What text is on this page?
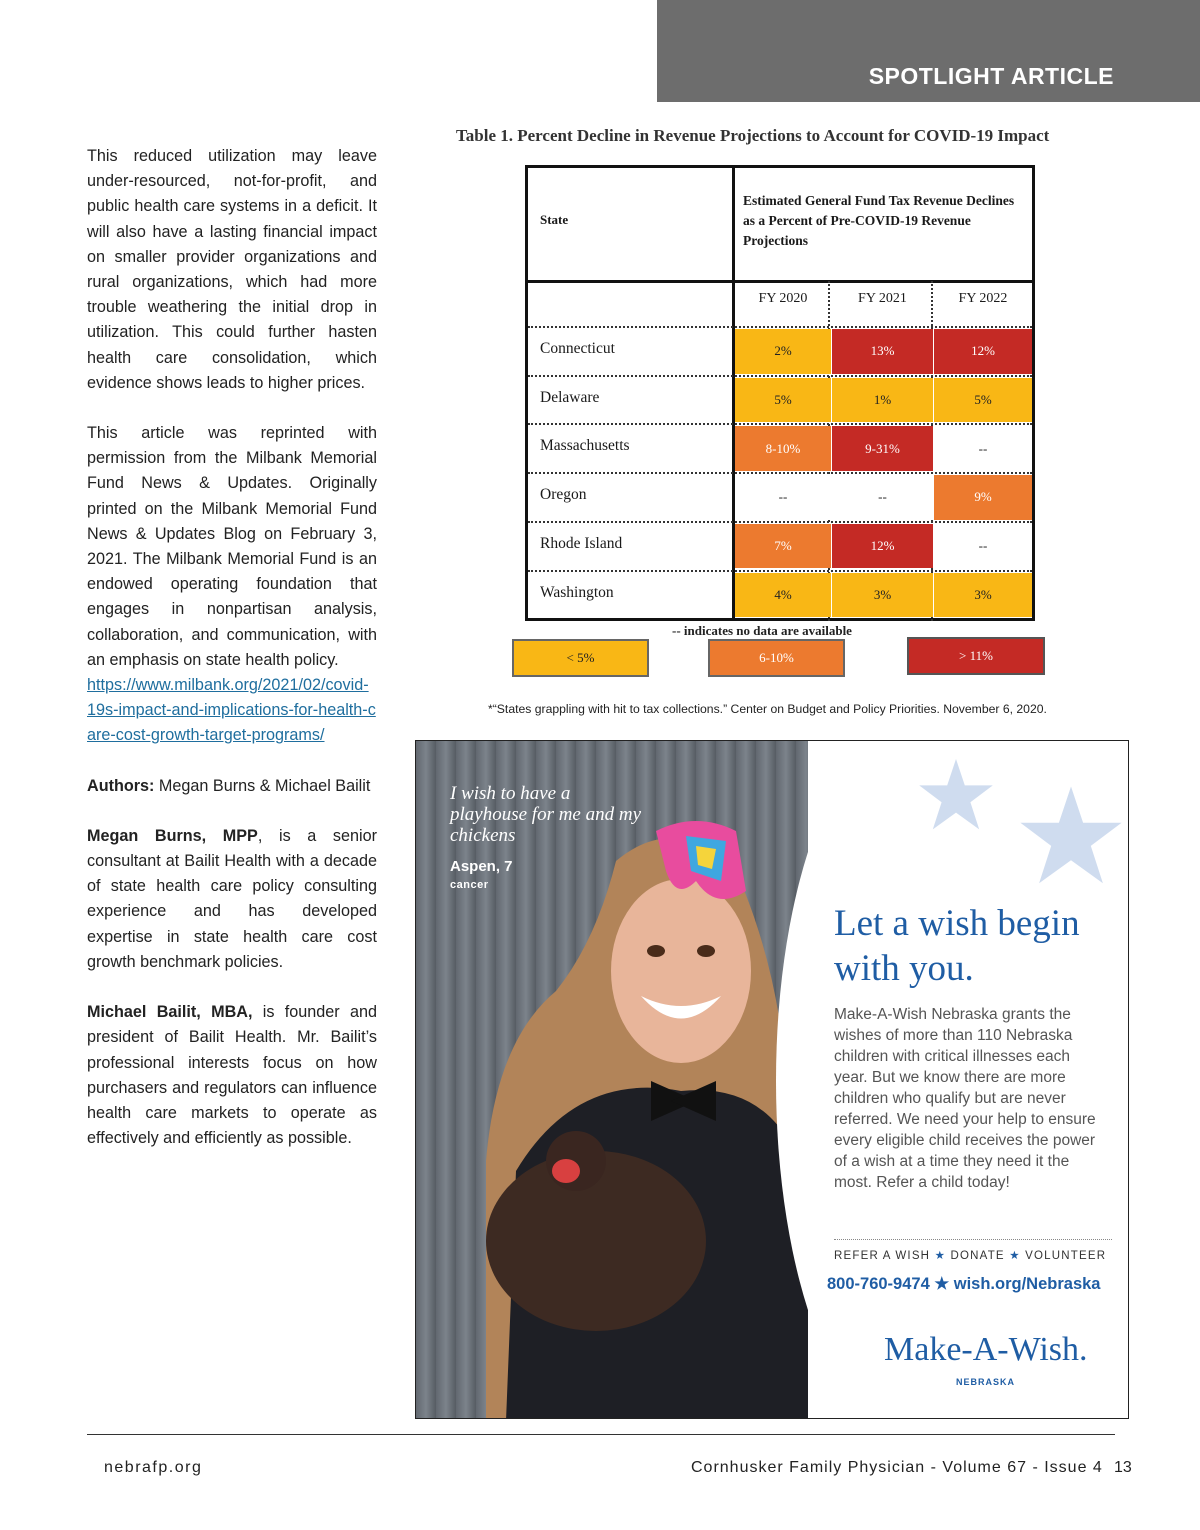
SPOTLIGHT ARTICLE

This reduced utilization may leave under-resourced, not-for-profit, and public health care systems in a deficit. It will also have a lasting financial impact on smaller provider organizations and rural organizations, which had more trouble weathering the initial drop in utilization. This could further hasten health care consolidation, which evidence shows leads to higher prices.

This article was reprinted with permission from the Milbank Memorial Fund News & Updates. Originally printed on the Milbank Memorial Fund News & Updates Blog on February 3, 2021. The Milbank Memorial Fund is an endowed operating foundation that engages in nonpartisan analysis, collaboration, and communication, with an emphasis on state health policy.
https://www.milbank.org/2021/02/covid-19s-impact-and-implications-for-health-care-cost-growth-target-programs/

Authors: Megan Burns & Michael Bailit

Megan Burns, MPP, is a senior consultant at Bailit Health with a decade of state health care policy consulting experience and has developed expertise in state health care cost growth benchmark policies.

Michael Bailit, MBA, is founder and president of Bailit Health. Mr. Bailit’s professional interests focus on how purchasers and regulators can influence health care markets to operate as effectively and efficiently as possible.

Table 1. Percent Decline in Revenue Projections to Account for COVID-19 Impact
State
Estimated General Fund Tax Revenue Declines as a Percent of Pre-COVID-19 Revenue Projections
FY 2020	FY 2021	FY 2022
Connecticut	2%	13%	12%
Delaware	5%	1%	5%
Massachusetts	8-10%	9-31%	--
Oregon	--	--	9%
Rhode Island	7%	12%	--
Washington	4%	3%	3%
-- indicates no data are available
< 5%	6-10%	> 11%
*“States grappling with hit to tax collections.” Center on Budget and Policy Priorities. November 6, 2020.
I wish to have a playhouse for me and my chickens
Aspen, 7
cancer
Let a wish begin with you.
Make-A-Wish Nebraska grants the wishes of more than 110 Nebraska children with critical illnesses each year. But we know there are more children who qualify but are never referred. We need your help to ensure every eligible child receives the power of a wish at a time they need it the most. Refer a child today!
REFER A WISH ★ DONATE ★ VOLUNTEER
800-760-9474 ★ wish.org/Nebraska
Make-A-Wish.
NEBRASKA
nebrafp.org	Cornhusker Family Physician - Volume 67 - Issue 4 13
